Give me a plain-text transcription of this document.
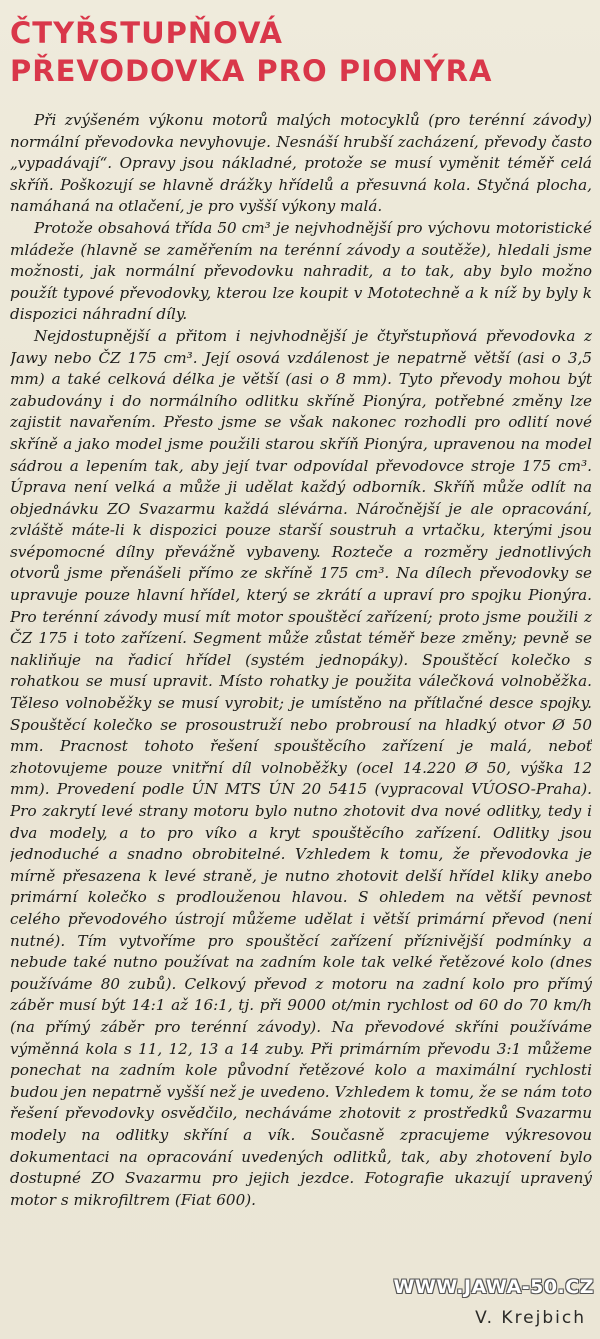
ČTYŘSTUPŇOVÁ
PŘEVODOVKA PRO PIONÝRA

Při zvýšeném výkonu motorů malých motocyklů (pro terénní závody) normální převodovka nevyhovuje. Nesnáší hrubší zacházení, převody často „vypadávají“. Opravy jsou nákladné, protože se musí vyměnit téměř celá skříň. Poškozují se hlavně drážky hřídelů a přesuvná kola. Styčná plocha, namáhaná na otlačení, je pro vyšší výkony malá.

Protože obsahová třída 50 cm³ je nejvhodnější pro výchovu motoristické mládeže (hlavně se zaměřením na terénní závody a soutěže), hledali jsme možnosti, jak normální převodovku nahradit, a to tak, aby bylo možno použít typové převodovky, kterou lze koupit v Mototechně a k níž by byly k dispozici náhradní díly.

Nejdostupnější a přitom i nejvhodnější je čtyřstupňová převodovka z Jawy nebo ČZ 175 cm³. Její osová vzdálenost je nepatrně větší (asi o 3,5 mm) a také celková délka je větší (asi o 8 mm). Tyto převody mohou být zabudovány i do normálního odlitku skříně Pionýra, potřebné změny lze zajistit navařením. Přesto jsme se však nakonec rozhodli pro odlití nové skříně a jako model jsme použili starou skříň Pionýra, upravenou na model sádrou a lepením tak, aby její tvar odpovídal převodovce stroje 175 cm³. Úprava není velká a může ji udělat každý odborník. Skříň může odlít na objednávku ZO Svazarmu každá slévárna. Náročnější je ale opracování, zvláště máte-li k dispozici pouze starší soustruh a vrtačku, kterými jsou svépomocné dílny převážně vybaveny. Rozteče a rozměry jednotlivých otvorů jsme přenášeli přímo ze skříně 175 cm³. Na dílech převodovky se upravuje pouze hlavní hřídel, který se zkrátí a upraví pro spojku Pionýra. Pro terénní závody musí mít motor spouštěcí zařízení; proto jsme použili z ČZ 175 i toto zařízení. Segment může zůstat téměř beze změny; pevně se nakliňuje na řadicí hřídel (systém jednopáky). Spouštěcí kolečko s rohatkou se musí upravit. Místo rohatky je použita válečková volnoběžka. Těleso volnoběžky se musí vyrobit; je umístěno na přítlačné desce spojky. Spouštěcí kolečko se prosoustruží nebo probrousí na hladký otvor Ø 50 mm. Pracnost tohoto řešení spouštěcího zařízení je malá, neboť zhotovujeme pouze vnitřní díl volnoběžky (ocel 14.220 Ø 50, výška 12 mm). Provedení podle ÚN MTS ÚN 20 5415 (vypracoval VÚOSO-Praha). Pro zakrytí levé strany motoru bylo nutno zhotovit dva nové odlitky, tedy i dva modely, a to pro víko a kryt spouštěcího zařízení. Odlitky jsou jednoduché a snadno obrobitelné. Vzhledem k tomu, že převodovka je mírně přesazena k levé straně, je nutno zhotovit delší hřídel kliky anebo primární kolečko s prodlouženou hlavou. S ohledem na větší pevnost celého převodového ústrojí můžeme udělat i větší primární převod (není nutné). Tím vytvoříme pro spouštěcí zařízení příznivější podmínky a nebude také nutno používat na zadním kole tak velké řetězové kolo (dnes používáme 80 zubů). Celkový převod z motoru na zadní kolo pro přímý záběr musí být 14:1 až 16:1, tj. při 9000 ot/min rychlost od 60 do 70 km/h (na přímý záběr pro terénní závody). Na převodové skříni používáme výměnná kola s 11, 12, 13 a 14 zuby. Při primárním převodu 3:1 můžeme ponechat na zadním kole původní řetězové kolo a maximální rychlosti budou jen nepatrně vyšší než je uvedeno. Vzhledem k tomu, že se nám toto řešení převodovky osvědčilo, necháváme zhotovit z prostředků Svazarmu modely na odlitky skříní a vík. Současně zpracujeme výkresovou dokumentaci na opracování uvedených odlitků, tak, aby zhotovení bylo dostupné ZO Svazarmu pro jejich jezdce. Fotografie ukazují upravený motor s mikrofiltrem (Fiat 600).

WWW.JAWA-50.CZ
V. Krejbich
